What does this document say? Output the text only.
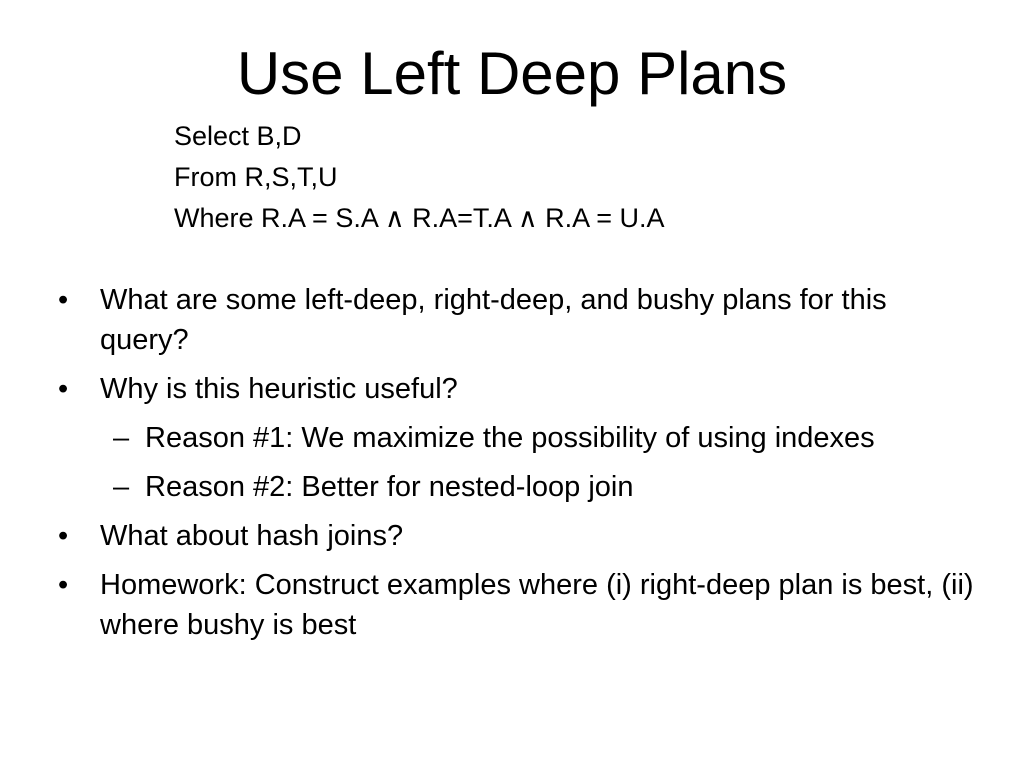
Use Left Deep Plans
Select B,D
From R,S,T,U
Where R.A = S.A ∧ R.A=T.A ∧ R.A = U.A
• What are some left-deep, right-deep, and bushy plans for this query?
• Why is this heuristic useful?
– Reason #1: We maximize the possibility of using indexes
– Reason #2: Better for nested-loop join
• What about hash joins?
• Homework: Construct examples where (i) right-deep plan is best, (ii) where bushy is best
